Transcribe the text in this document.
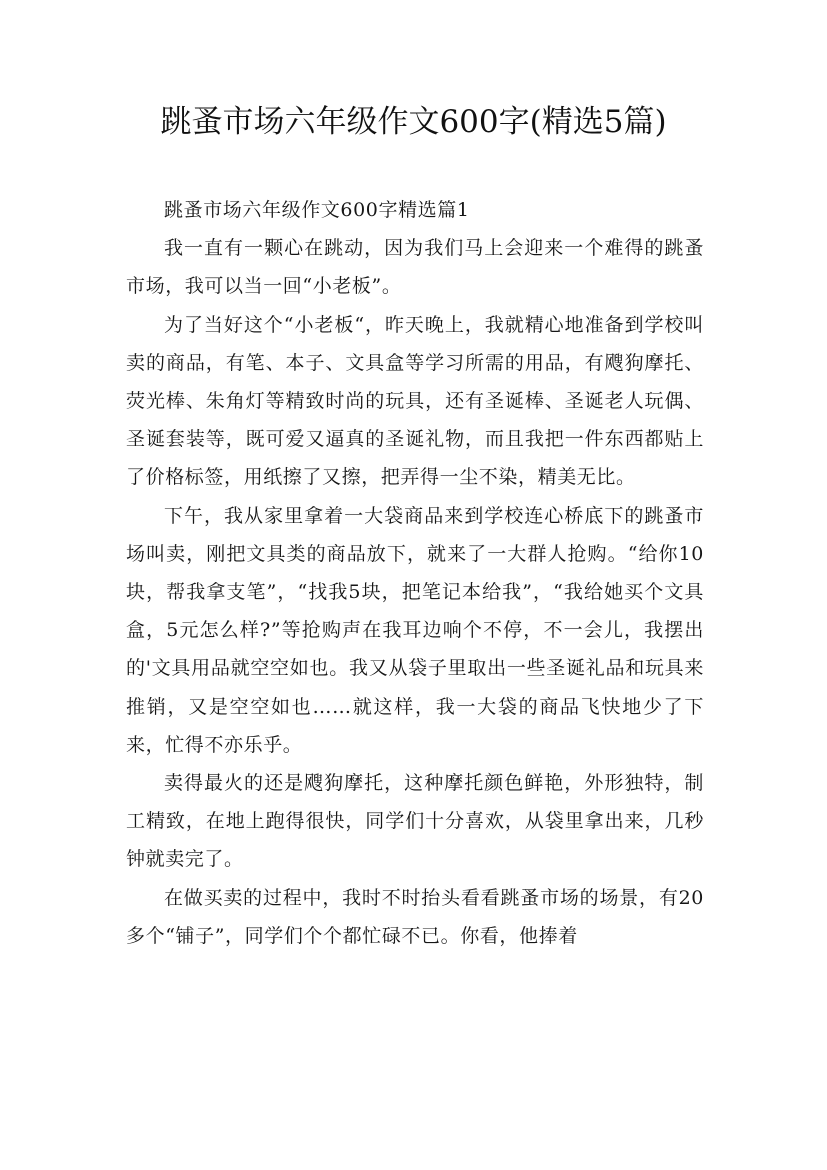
跳蚤市场六年级作文600字(精选5篇)

跳蚤市场六年级作文600字精选篇1

我一直有一颗心在跳动，因为我们马上会迎来一个难得的跳蚤市场，我可以当一回“小老板”。

为了当好这个“小老板“，昨天晚上，我就精心地准备到学校叫卖的商品，有笔、本子、文具盒等学习所需的用品，有飕狗摩托、荧光棒、朱角灯等精致时尚的玩具，还有圣诞棒、圣诞老人玩偶、圣诞套装等，既可爱又逼真的圣诞礼物，而且我把一件东西都贴上了价格标签，用纸擦了又擦，把弄得一尘不染，精美无比。

下午，我从家里拿着一大袋商品来到学校连心桥底下的跳蚤市场叫卖，刚把文具类的商品放下，就来了一大群人抢购。“给你10块，帮我拿支笔”，“找我5块，把笔记本给我”，“我给她买个文具盒，5元怎么样?”等抢购声在我耳边响个不停，不一会儿，我摆出的'文具用品就空空如也。我又从袋子里取出一些圣诞礼品和玩具来推销，又是空空如也……就这样，我一大袋的商品飞快地少了下来，忙得不亦乐乎。

卖得最火的还是飕狗摩托，这种摩托颜色鲜艳，外形独特，制工精致，在地上跑得很快，同学们十分喜欢，从袋里拿出来，几秒钟就卖完了。

在做买卖的过程中，我时不时抬头看看跳蚤市场的场景，有20多个“铺子”，同学们个个都忙碌不已。你看，他捧着
